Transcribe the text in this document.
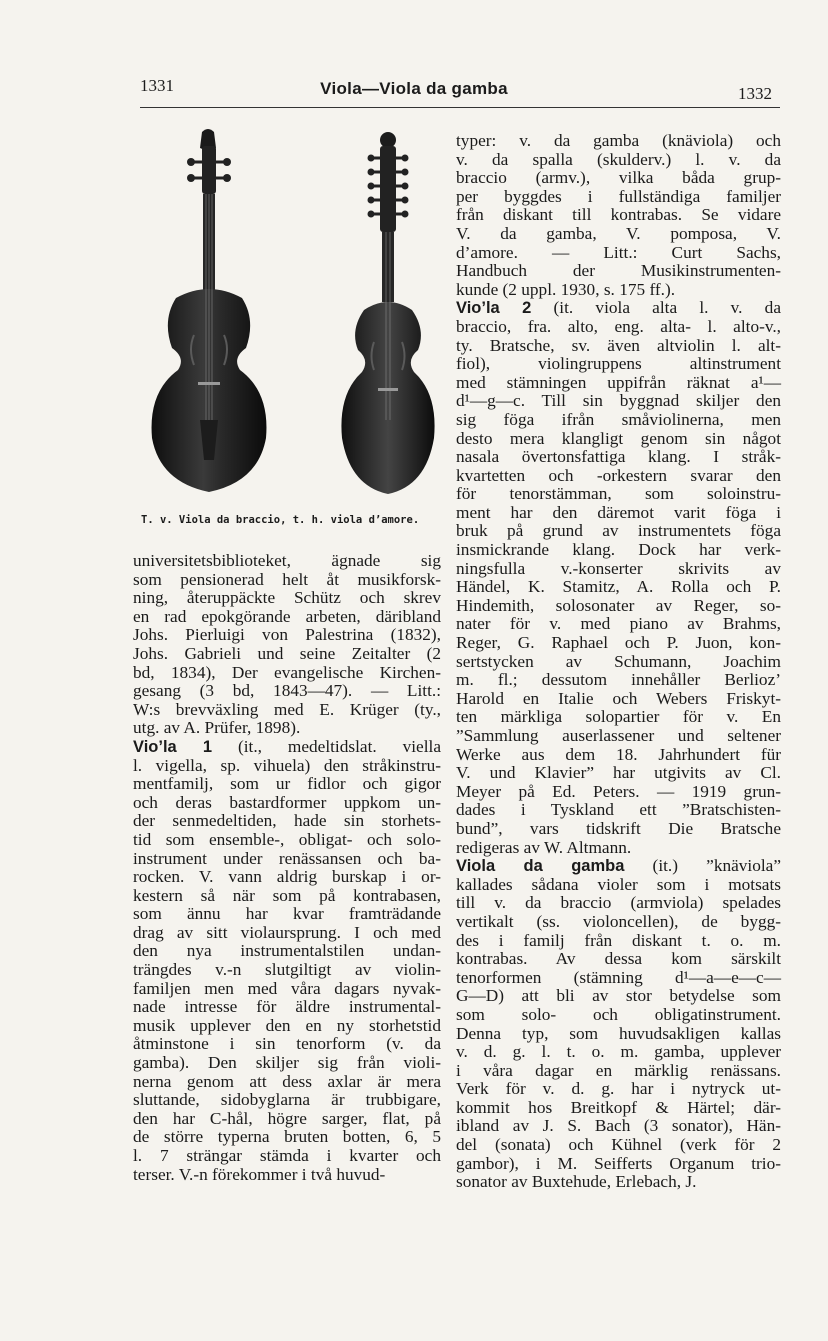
1331	Viola—Viola da gamba	1332
T. v. Viola da braccio, t. h. viola d’amore.
universitetsbiblioteket, ägnade sig
som pensionerad helt åt musikforsk-
ning, återuppäckte Schütz och skrev
en rad epokgörande arbeten, däribland
Johs. Pierluigi von Palestrina (1832),
Johs. Gabrieli und seine Zeitalter (2
bd, 1834), Der evangelische Kirchen-
gesang (3 bd, 1843—47). — Litt.:
W:s brevväxling med E. Krüger (ty.,
utg. av A. Prüfer, 1898).
Vio’la 1 (it., medeltidslat. viella
l. vigella, sp. vihuela) den stråkinstru-
mentfamilj, som ur fidlor och gigor
och deras bastardformer uppkom un-
der senmedeltiden, hade sin storhets-
tid som ensemble-, obligat- och solo-
instrument under renässansen och ba-
rocken. V. vann aldrig burskap i or-
kestern så när som på kontrabasen,
som ännu har kvar framträdande
drag av sitt violaursprung. I och med
den nya instrumentalstilen undan-
trängdes v.-n slutgiltigt av violin-
familjen men med våra dagars nyvak-
nade intresse för äldre instrumental-
musik upplever den en ny storhetstid
åtminstone i sin tenorform (v. da
gamba). Den skiljer sig från violi-
nerna genom att dess axlar är mera
sluttande, sidobyglarna är trubbigare,
den har C-hål, högre sarger, flat, på
de större typerna bruten botten, 6, 5
l. 7 strängar stämda i kvarter och
terser. V.-n förekommer i två huvud-
typer: v. da gamba (knäviola) och
v. da spalla (skulderv.) l. v. da
braccio (armv.), vilka båda grup-
per byggdes i fullständiga familjer
från diskant till kontrabas. Se vidare
V. da gamba, V. pomposa, V.
d’amore. — Litt.: Curt Sachs,
Handbuch der Musikinstrumenten-
kunde (2 uppl. 1930, s. 175 ff.).
Vio’la 2 (it. viola alta l. v. da
braccio, fra. alto, eng. alta- l. alto-v.,
ty. Bratsche, sv. även altviolin l. alt-
fiol), violingruppens altinstrument
med stämningen uppifrån räknat a¹—
d¹—g—c. Till sin byggnad skiljer den
sig föga ifrån småviolinerna, men
desto mera klangligt genom sin något
nasala övertonsfattiga klang. I stråk-
kvartetten och -orkestern svarar den
för tenorstämman, som soloinstru-
ment har den däremot varit föga i
bruk på grund av instrumentets föga
insmickrande klang. Dock har verk-
ningsfulla v.-konserter skrivits av
Händel, K. Stamitz, A. Rolla och P.
Hindemith, solosonater av Reger, so-
nater för v. med piano av Brahms,
Reger, G. Raphael och P. Juon, kon-
sertstycken av Schumann, Joachim
m. fl.; dessutom innehåller Berlioz’
Harold en Italie och Webers Friskyt-
ten märkliga solopartier för v. En
”Sammlung auserlassener und seltener
Werke aus dem 18. Jahrhundert für
V. und Klavier” har utgivits av Cl.
Meyer på Ed. Peters. — 1919 grun-
dades i Tyskland ett ”Bratschisten-
bund”, vars tidskrift Die Bratsche
redigeras av W. Altmann.
Viola da gamba (it.) ”knäviola”
kallades sådana violer som i motsats
till v. da braccio (armviola) spelades
vertikalt (ss. violoncellen), de bygg-
des i familj från diskant t. o. m.
kontrabas. Av dessa kom särskilt
tenorformen (stämning d¹—a—e—c—
G—D) att bli av stor betydelse som
som solo- och obligatinstrument.
Denna typ, som huvudsakligen kallas
v. d. g. l. t. o. m. gamba, upplever
i våra dagar en märklig renässans.
Verk för v. d. g. har i nytryck ut-
kommit hos Breitkopf & Härtel; där-
ibland av J. S. Bach (3 sonator), Hän-
del (sonata) och Kühnel (verk för 2
gambor), i M. Seifferts Organum trio-
sonator av Buxtehude, Erlebach, J.
